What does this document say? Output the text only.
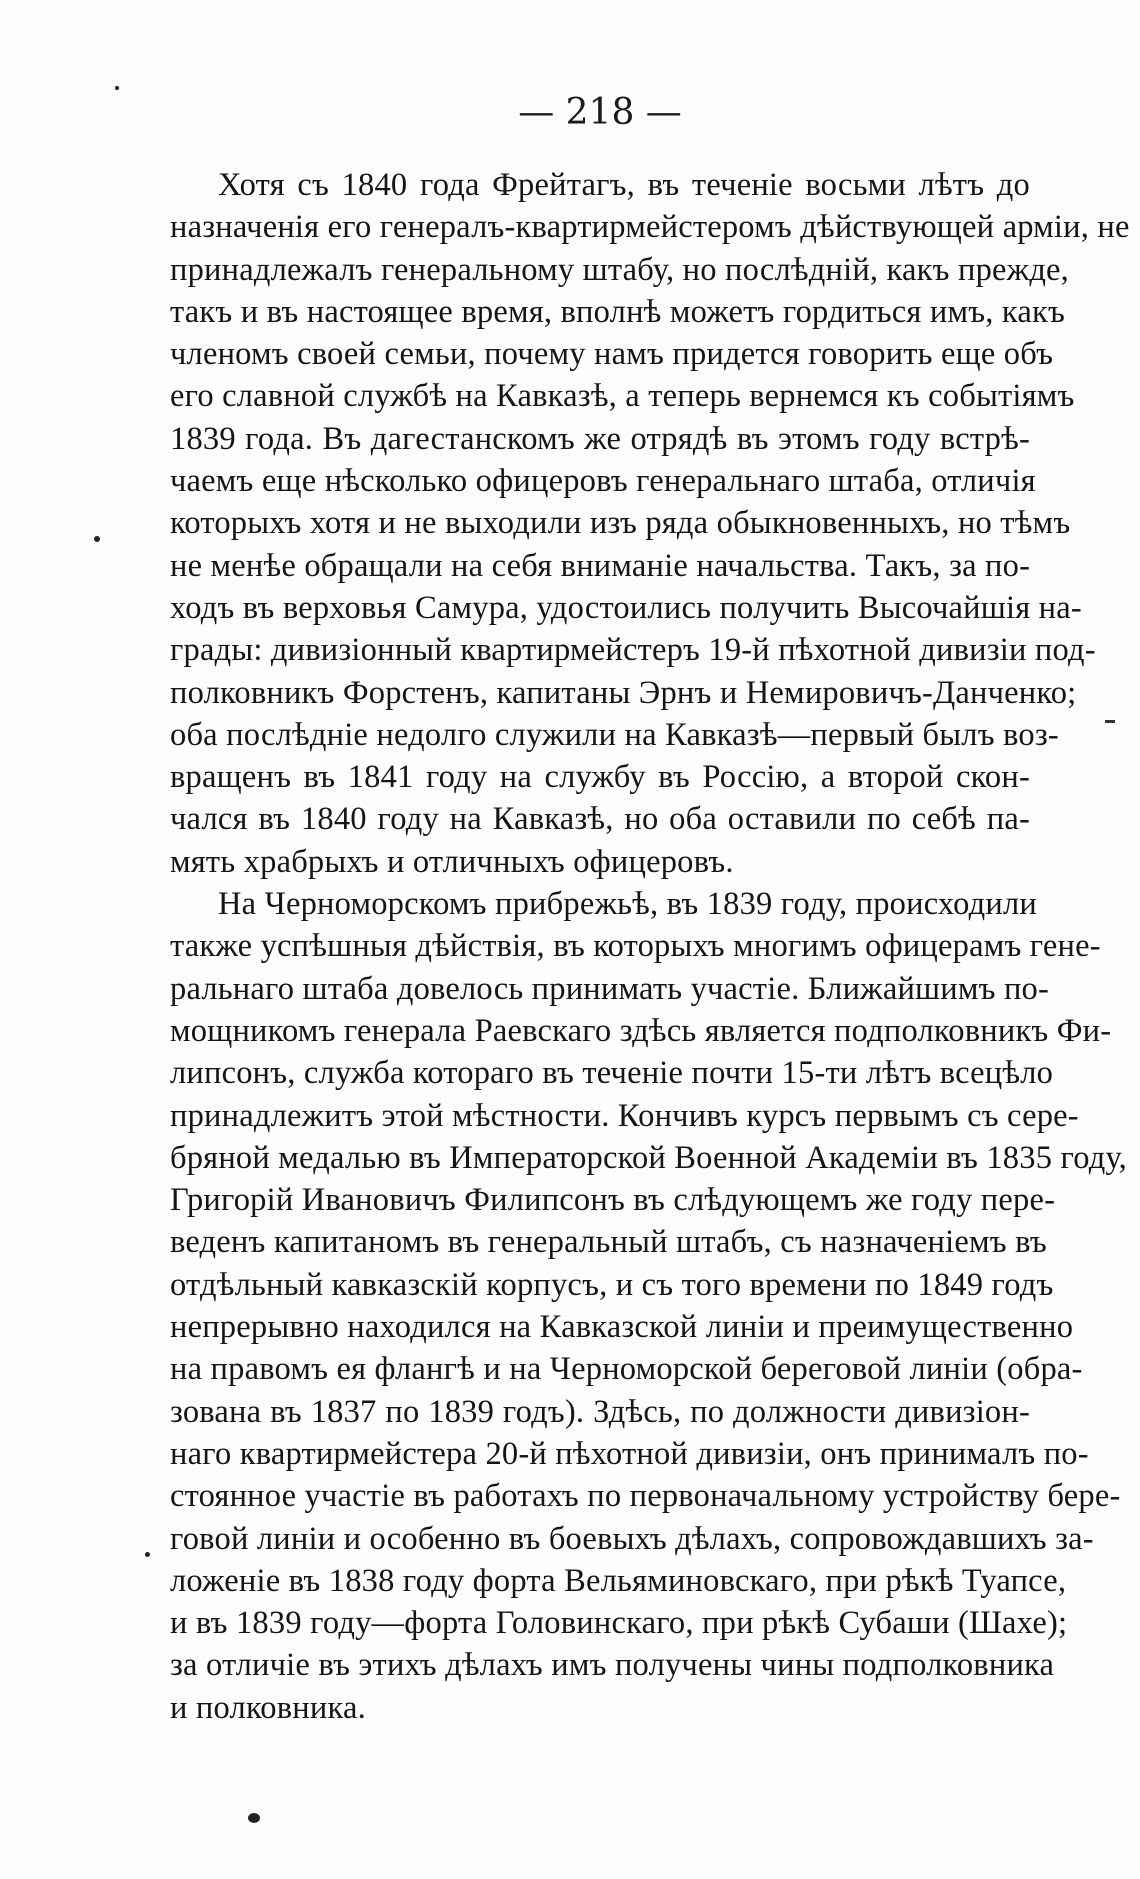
— 218 —
Хотя съ 1840 года Фрейтагъ, въ теченіе восьми лѣтъ до
назначенія его генералъ-квартирмейстеромъ дѣйствующей арміи, не
принадлежалъ генеральному штабу, но послѣдній, какъ прежде,
такъ и въ настоящее время, вполнѣ можетъ гордиться имъ, какъ
членомъ своей семьи, почему намъ придется говорить еще объ
его славной службѣ на Кавказѣ, а теперь вернемся къ событіямъ
1839 года. Въ дагестанскомъ же отрядѣ въ этомъ году встрѣ-
чаемъ еще нѣсколько офицеровъ генеральнаго штаба, отличія
которыхъ хотя и не выходили изъ ряда обыкновенныхъ, но тѣмъ
не менѣе обращали на себя вниманіе начальства. Такъ, за по-
ходъ въ верховья Самура, удостоились получить Высочайшія на-
грады: дивизіонный квартирмейстеръ 19-й пѣхотной дивизіи под-
полковникъ Форстенъ, капитаны Эрнъ и Немировичъ-Данченко;
оба послѣдніе недолго служили на Кавказѣ—первый былъ воз-
вращенъ въ 1841 году на службу въ Россію, а второй скон-
чался въ 1840 году на Кавказѣ, но оба оставили по себѣ па-
мять храбрыхъ и отличныхъ офицеровъ.
На Черноморскомъ прибрежьѣ, въ 1839 году, происходили
также успѣшныя дѣйствія, въ которыхъ многимъ офицерамъ гене-
ральнаго штаба довелось принимать участіе. Ближайшимъ по-
мощникомъ генерала Раевскаго здѣсь является подполковникъ Фи-
липсонъ, служба котораго въ теченіе почти 15-ти лѣтъ всецѣло
принадлежитъ этой мѣстности. Кончивъ курсъ первымъ съ сере-
бряной медалью въ Императорской Военной Академіи въ 1835 году,
Григорій Ивановичъ Филипсонъ въ слѣдующемъ же году пере-
веденъ капитаномъ въ генеральный штабъ, съ назначеніемъ въ
отдѣльный кавказскій корпусъ, и съ того времени по 1849 годъ
непрерывно находился на Кавказской линіи и преимущественно
на правомъ ея флангѣ и на Черноморской береговой линіи (обра-
зована въ 1837 по 1839 годъ). Здѣсь, по должности дивизіон-
наго квартирмейстера 20-й пѣхотной дивизіи, онъ принималъ по-
стоянное участіе въ работахъ по первоначальному устройству бере-
говой линіи и особенно въ боевыхъ дѣлахъ, сопровождавшихъ за-
ложеніе въ 1838 году форта Вельяминовскаго, при рѣкѣ Туапсе,
и въ 1839 году—форта Головинскаго, при рѣкѣ Субаши (Шахе);
за отличіе въ этихъ дѣлахъ имъ получены чины подполковника
и полковника.
